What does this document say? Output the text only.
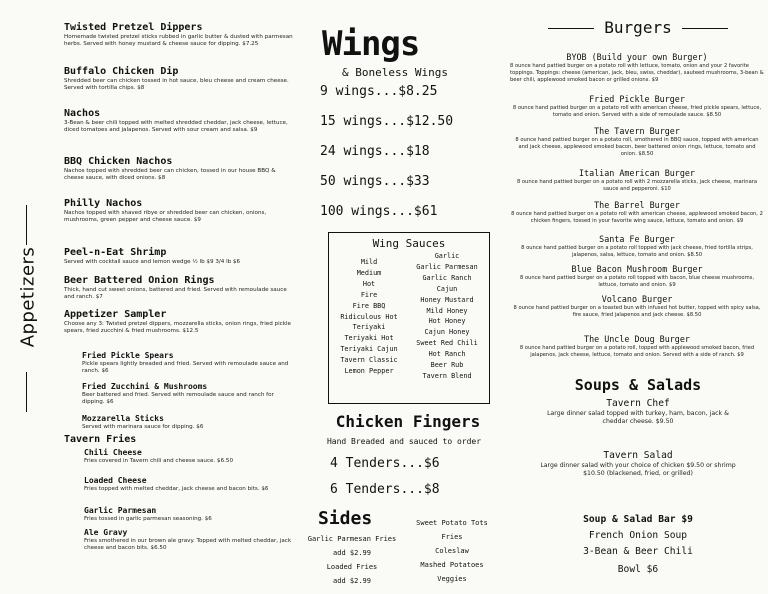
Appetizers
Twisted Pretzel Dippers
Homemade twisted pretzel sticks rubbed in garlic butter & dusted with parmesan herbs. Served with honey mustard & cheese sauce for dipping. $7.25
Buffalo Chicken Dip
Shredded beer can chicken tossed in hot sauce, bleu cheese and cream cheese. Served with tortilla chips. $8
Nachos
3-Bean & beer chili topped with melted shredded cheddar, jack cheese, lettuce, diced tomatoes and jalapenos. Served with sour cream and salsa. $9
BBQ Chicken Nachos
Nachos topped with shredded beer can chicken, tossed in our house BBQ & cheese sauce, with diced onions. $8
Philly Nachos
Nachos topped with shaved ribye or shredded beer can chicken, onions, mushrooms, green pepper and cheese sauce. $9
Peel-n-Eat Shrimp
Served with cocktail sauce and lemon wedge ½ lb $9 3/4 lb $6
Beer Battered Onion Rings
Thick, hand cut sweet onions, battered and fried. Served with remoulade sauce and ranch. $7
Appetizer Sampler
Choose any 3: Twisted pretzel dippers, mozzarella sticks, onion rings, fried pickle spears, fried zucchini & fried mushrooms. $12.5
Fried Pickle Spears
Pickle spears lightly breaded and fried. Served with remoulade sauce and ranch. $6
Fried Zucchini & Mushrooms
Beer battered and fried. Served with remoulade sauce and ranch for dipping. $6
Mozzarella Sticks
Served with marinara sauce for dipping. $6
Tavern Fries
Chili Cheese
Fries covered in Tavern chili and cheese sauce. $6.50
Loaded Cheese
Fries topped with melted cheddar, jack cheese and bacon bits. $6
Garlic Parmesan
Fries tossed in garlic parmesan seasoning. $6
Ale Gravy
Fries smothered in our brown ale gravy. Topped with melted cheddar, jack cheese and bacon bits. $6.50
Wings
& Boneless Wings
9 wings...$8.25
15 wings...$12.50
24 wings...$18
50 wings...$33
100 wings...$61
Wing Sauces
Mild
Medium
Hot
Fire
Fire BBQ
Ridiculous Hot
Teriyaki
Teriyaki Hot
Teriyaki Cajun
Tavern Classic
Lemon Pepper
Garlic
Garlic Parmesan
Garlic Ranch
Cajun
Honey Mustard
Mild Honey
Hot Honey
Cajun Honey
Sweet Red Chili
Hot Ranch
Beer Rub
Tavern Blend
Chicken Fingers
Hand Breaded and sauced to order
4 Tenders...$6
6 Tenders...$8
Sides
Garlic Parmesan Fries
add $2.99
Loaded Fries
add $2.99
Sweet Potato Tots
Fries
Coleslaw
Mashed Potatoes
Veggies
Burgers
BYOB (Build your own Burger)
8 ounce hand pattied burger on a potato roll with lettuce, tomato, onion and your 2 favorite toppings. Toppings: cheese (american, jack, bleu, swiss, cheddar), sauteed mushrooms, 3-bean & beer chili, applewood smoked bacon or grilled onions. $9
Fried Pickle Burger
8 ounce hand pattied burger on a potato roll with american cheese, fried pickle spears, lettuce, tomato and onion. Served with a side of remoulade sauce. $8.50
The Tavern Burger
8 ounce hand pattied burger on a potato roll, smothered in BBQ sauce, topped with american and jack cheese, applewood smoked bacon, beer battered onion rings, lettuce, tomato and onion. $8.50
Italian American Burger
8 ounce hand pattied burger on a potato roll with 2 mozzarella sticks, jack cheese, marinara sauce and pepperoni. $10
The Barrel Burger
8 ounce hand pattied burger on a potato roll with american cheese, applewood smoked bacon, 2 chicken fingers, tossed in your favorite wing sauce, lettuce, tomato and onion. $9
Santa Fe Burger
8 ounce hand pattied burger on a potato roll topped with jack cheese, fried tortilla strips, jalapenos, salsa, lettuce, tomato and onion. $8.50
Blue Bacon Mushroom Burger
8 ounce hand pattied burger on a potato roll topped with bacon, blue cheese mushrooms, lettuce, tomato and onion. $9
Volcano Burger
8 ounce hand pattied burger on a toasted bun with infused hot butter, topped with spicy salsa, fire sauce, fried jalapenos and jack cheese. $8.50
The Uncle Doug Burger
8 ounce hand pattied burger on a potato roll, topped with applewood smoked bacon, fried jalapenos, jack cheese, lettuce, tomato and onion. Served with a side of ranch. $9
Soups & Salads
Tavern Chef
Large dinner salad topped with turkey, ham, bacon, jack & cheddar cheese. $9.50
Tavern Salad
Large dinner salad with your choice of chicken $9.50 or shrimp $10.50 (blackened, fried, or grilled)
Soup & Salad Bar $9
French Onion Soup
3-Bean & Beer Chili
Bowl $6
